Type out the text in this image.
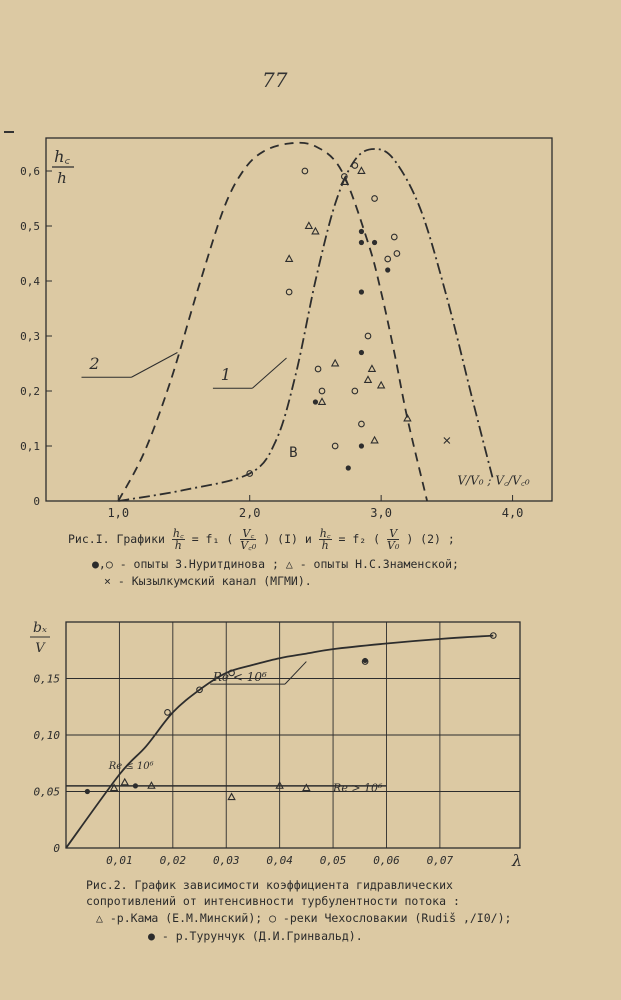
77
1,0	2,0	3,0	4,0
0
0,1
0,2
0,3
0,4
0,5
0,6
h꜀
h
2
1
B
V/V₀ ; V꜀/V꜀₀
0,01 0,02 0,03 0,04 0,05 0,06 0,07
0
0,05
0,10
0,15
bₓ
V
λ
Re < 10⁶
Re > 10⁶
Re ≤ 10⁶
Рис.I. Графики $\frac{h꜀}{h} = f_1$ ( $\frac{V꜀}{\text{V꜀₀}}$ ) (I) и $\frac{h꜀}{h} = f_2$ ( $\frac{V}{\text{V₀}}$ ) (2) ;
●,○ - опыты З.Нуритдинова ; △ - опыты Н.С.Знаменской;
× - Кызылкумский канал (МГМИ).
Рис.2. График зависимости коэффициента гидравлических
сопротивлений от интенсивности турбулентности потока :
△ -р.Кама (Е.М.Минский); ○ -реки Чехословакии (Rudiš ,/I0/);
● - р.Турунчук (Д.И.Гринвальд).
